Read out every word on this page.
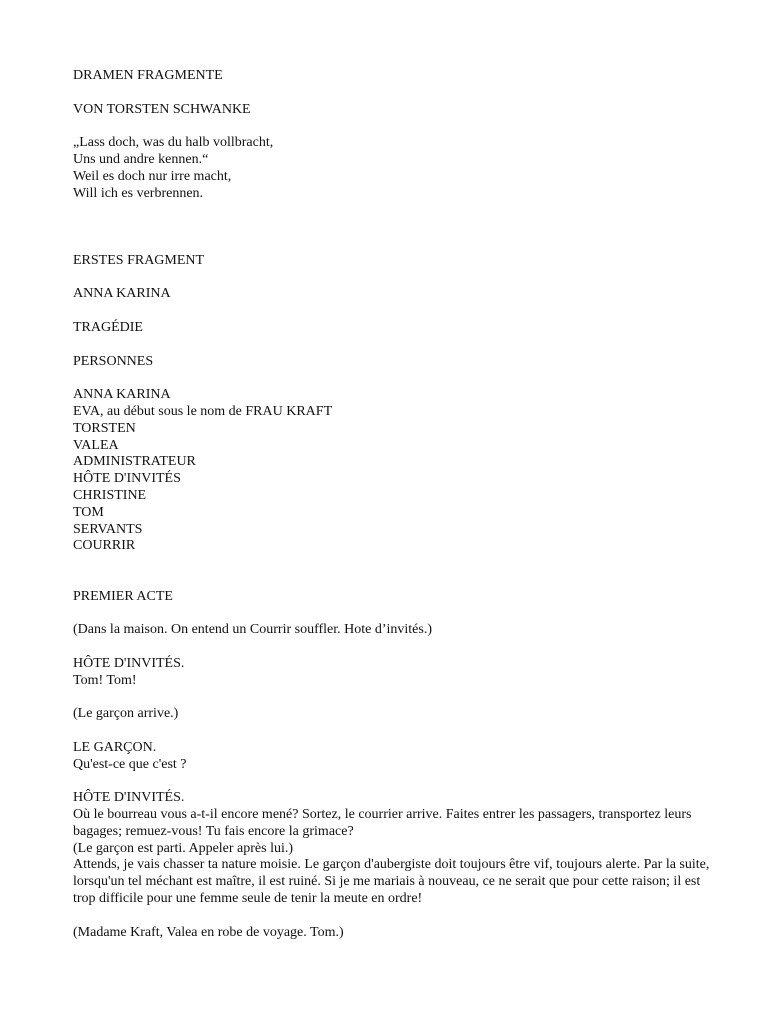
DRAMEN FRAGMENTE

VON TORSTEN SCHWANKE

„Lass doch, was du halb vollbracht,
Uns und andre kennen.“
Weil es doch nur irre macht,
Will ich es verbrennen.

ERSTES FRAGMENT

ANNA KARINA

TRAGÉDIE

PERSONNES

ANNA KARINA
EVA, au début sous le nom de FRAU KRAFT
TORSTEN
VALEA
ADMINISTRATEUR
HÔTE D'INVITÉS
CHRISTINE
TOM
SERVANTS
COURRIR

PREMIER ACTE

(Dans la maison. On entend un Courrir souffler. Hote d’invités.)

HÔTE D'INVITÉS.
Tom! Tom!

(Le garçon arrive.)

LE GARÇON.
Qu'est-ce que c'est ?

HÔTE D'INVITÉS.
Où le bourreau vous a-t-il encore mené? Sortez, le courrier arrive. Faites entrer les passagers, transportez leurs bagages; remuez-vous! Tu fais encore la grimace?
(Le garçon est parti. Appeler après lui.)
Attends, je vais chasser ta nature moisie. Le garçon d'aubergiste doit toujours être vif, toujours alerte. Par la suite, lorsqu'un tel méchant est maître, il est ruiné. Si je me mariais à nouveau, ce ne serait que pour cette raison; il est trop difficile pour une femme seule de tenir la meute en ordre!

(Madame Kraft, Valea en robe de voyage. Tom.)
